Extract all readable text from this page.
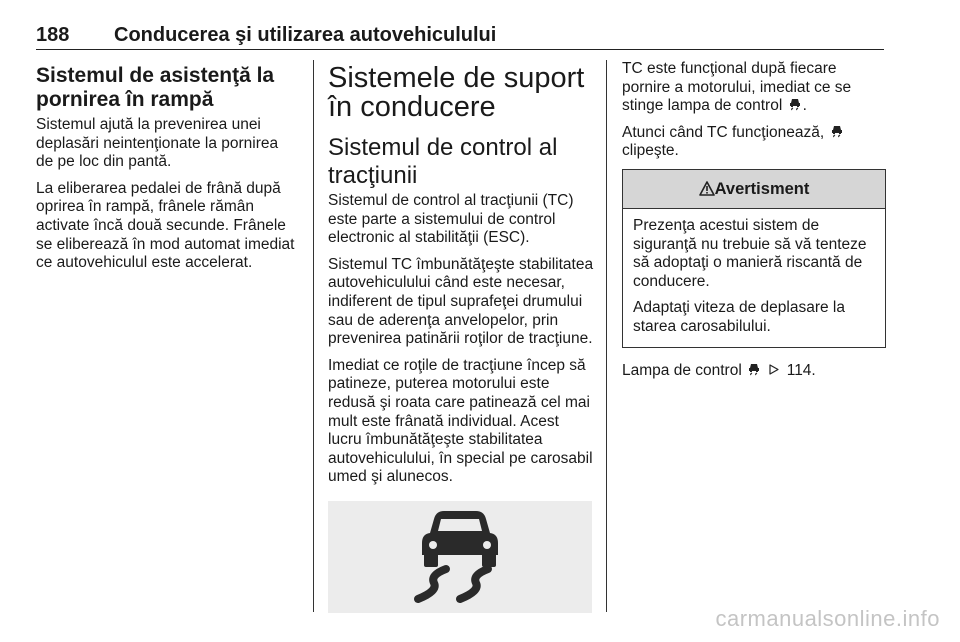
188 Conducerea şi utilizarea autovehiculului
Sistemul de asistenţă la pornirea în rampă

Sistemul ajută la prevenirea unei deplasări neintenţionate la pornirea de pe loc din pantă.

La eliberarea pedalei de frână după oprirea în rampă, frânele rămân activate încă două secunde. Frânele se eliberează în mod automat imediat ce autovehiculul este accelerat.

Sistemele de suport în conducere
Sistemul de control al tracţiunii

Sistemul de control al tracţiunii (TC) este parte a sistemului de control electronic al stabilităţii (ESC).

Sistemul TC îmbunătăţeşte stabilitatea autovehiculului când este necesar, indiferent de tipul suprafeţei drumului sau de aderenţa anvelopelor, prin prevenirea patinării roţilor de tracţiune.

Imediat ce roţile de tracţiune încep să patineze, puterea motorului este redusă şi roata care patinează cel mai mult este frânată individual. Acest lucru îmbunătăţeşte stabilitatea autovehiculului, în special pe carosabil umed şi alunecos.

TC este funcţional după fiecare pornire a motorului, imediat ce se stinge lampa de control .

Atunci când TC funcţionează,  clipeşte.

Avertisment

Prezenţa acestui sistem de siguranţă nu trebuie să vă tenteze să adoptaţi o manieră riscantă de conducere.

Adaptaţi viteza de deplasare la starea carosabilului.

Lampa de control	114.

carmanualsonline.info
